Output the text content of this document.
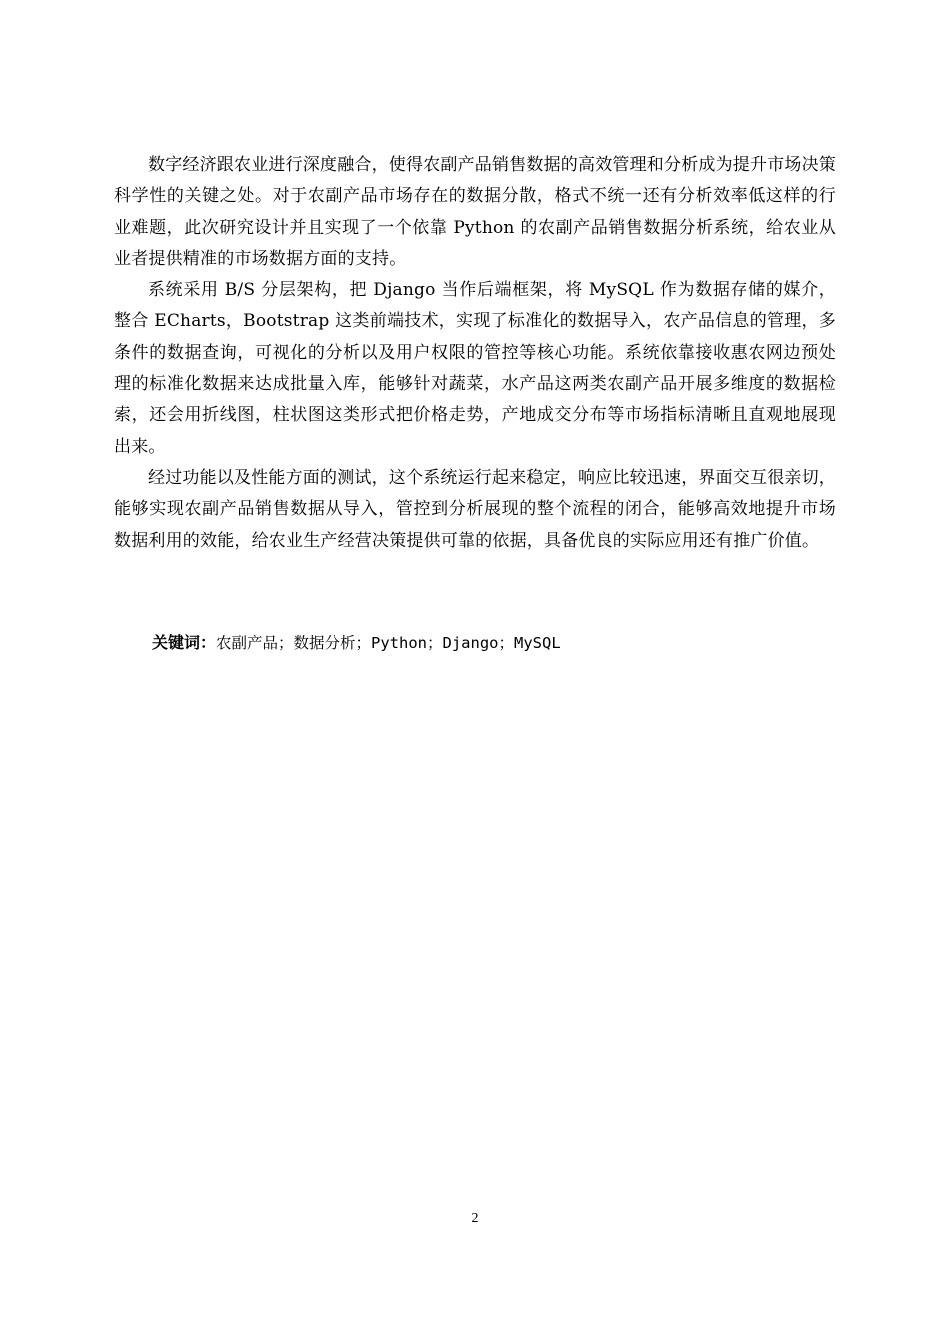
数字经济跟农业进行深度融合，使得农副产品销售数据的高效管理和分析成为提升市场决策科学性的关键之处。对于农副产品市场存在的数据分散，格式不统一还有分析效率低这样的行业难题，此次研究设计并且实现了一个依靠 Python 的农副产品销售数据分析系统，给农业从业者提供精准的市场数据方面的支持。

系统采用 B/S 分层架构，把 Django 当作后端框架，将 MySQL 作为数据存储的媒介，整合 ECharts，Bootstrap 这类前端技术，实现了标准化的数据导入，农产品信息的管理，多条件的数据查询，可视化的分析以及用户权限的管控等核心功能。系统依靠接收惠农网边预处理的标准化数据来达成批量入库，能够针对蔬菜，水产品这两类农副产品开展多维度的数据检索，还会用折线图，柱状图这类形式把价格走势，产地成交分布等市场指标清晰且直观地展现出来。

经过功能以及性能方面的测试，这个系统运行起来稳定，响应比较迅速，界面交互很亲切，能够实现农副产品销售数据从导入，管控到分析展现的整个流程的闭合，能够高效地提升市场数据利用的效能，给农业生产经营决策提供可靠的依据，具备优良的实际应用还有推广价值。

关键词：农副产品；数据分析；Python；Django；MySQL
2
